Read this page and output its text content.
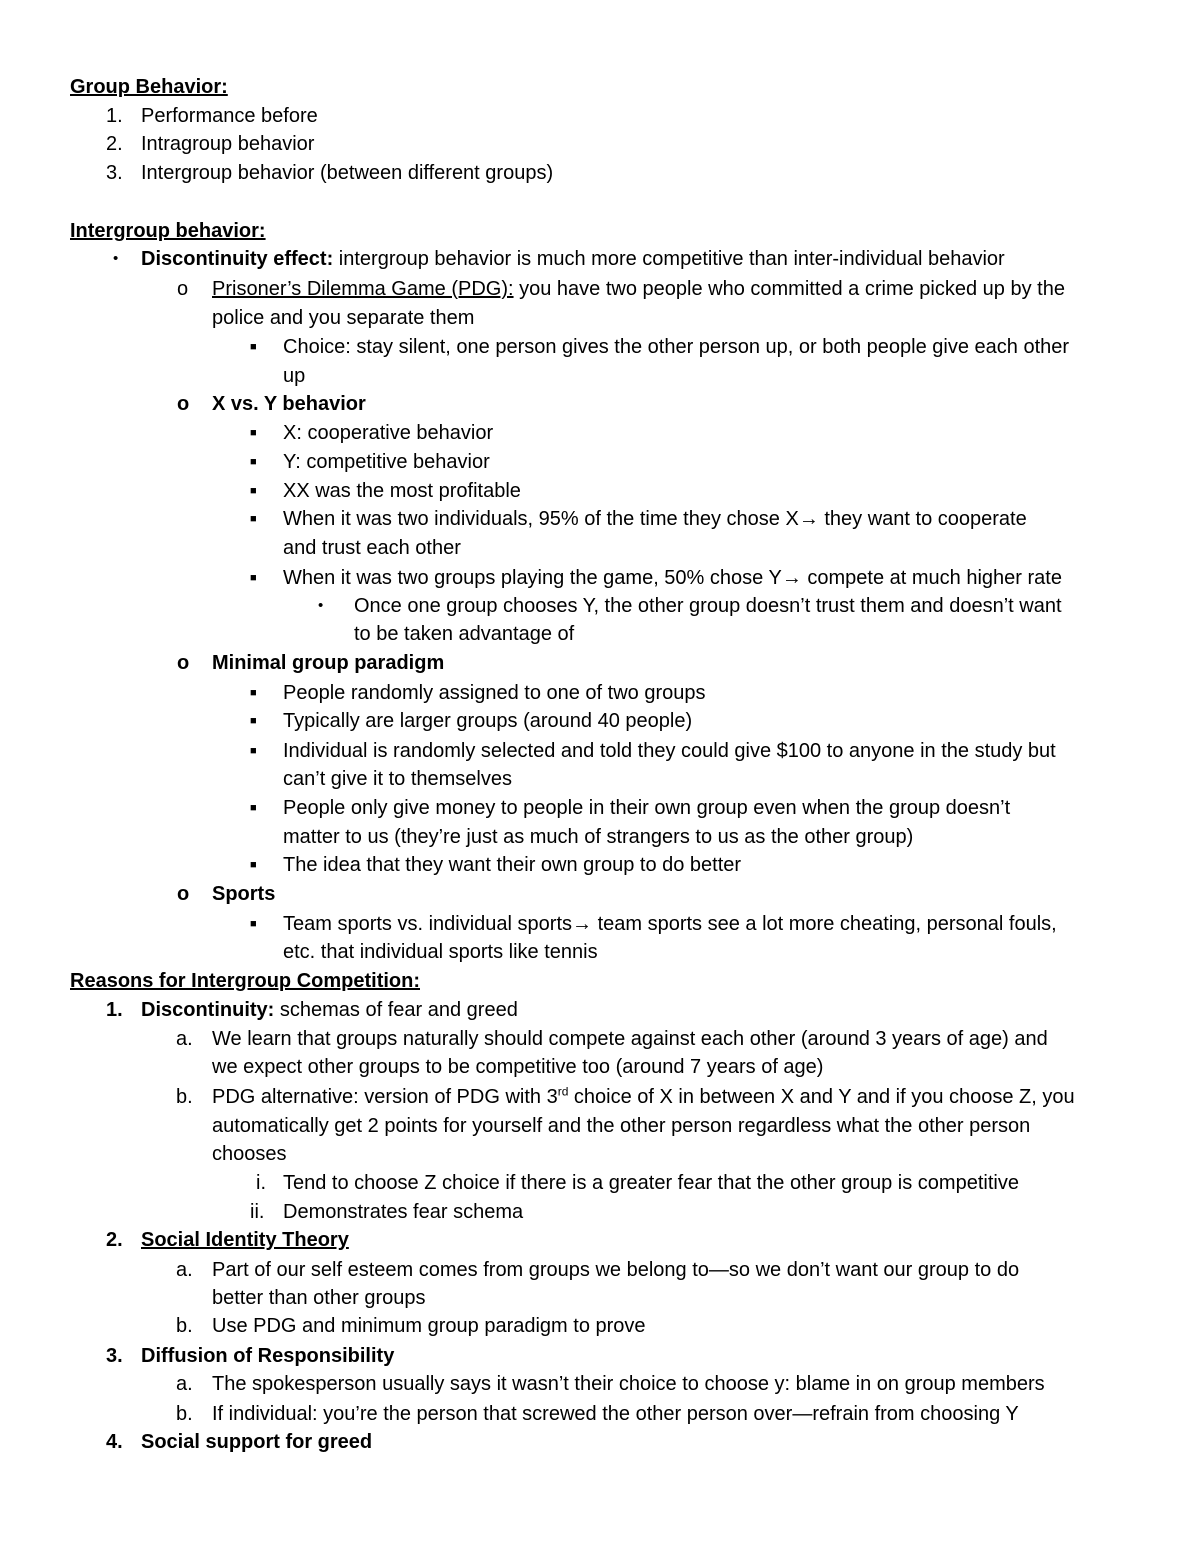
Group Behavior:
1. Performance before
2. Intragroup behavior
3. Intergroup behavior (between different groups)
Intergroup behavior:
• Discontinuity effect: intergroup behavior is much more competitive than inter-individual behavior
o Prisoner’s Dilemma Game (PDG): you have two people who committed a crime picked up by the
police and you separate them
■ Choice: stay silent, one person gives the other person up, or both people give each other
up
o X vs. Y behavior
■ X: cooperative behavior
■ Y: competitive behavior
■ XX was the most profitable
■ When it was two individuals, 95% of the time they chose X→ they want to cooperate
and trust each other
■ When it was two groups playing the game, 50% chose Y→ compete at much higher rate
• Once one group chooses Y, the other group doesn’t trust them and doesn’t want
to be taken advantage of
o Minimal group paradigm
■ People randomly assigned to one of two groups
■ Typically are larger groups (around 40 people)
■ Individual is randomly selected and told they could give $100 to anyone in the study but
can’t give it to themselves
■ People only give money to people in their own group even when the group doesn’t
matter to us (they’re just as much of strangers to us as the other group)
■ The idea that they want their own group to do better
o Sports
■ Team sports vs. individual sports→ team sports see a lot more cheating, personal fouls,
etc. that individual sports like tennis
Reasons for Intergroup Competition:
1. Discontinuity: schemas of fear and greed
a. We learn that groups naturally should compete against each other (around 3 years of age) and
we expect other groups to be competitive too (around 7 years of age)
b. PDG alternative: version of PDG with 3rd choice of X in between X and Y and if you choose Z, you
automatically get 2 points for yourself and the other person regardless what the other person
chooses
i. Tend to choose Z choice if there is a greater fear that the other group is competitive
ii. Demonstrates fear schema
2. Social Identity Theory
a. Part of our self esteem comes from groups we belong to—so we don’t want our group to do
better than other groups
b. Use PDG and minimum group paradigm to prove
3. Diffusion of Responsibility
a. The spokesperson usually says it wasn’t their choice to choose y: blame in on group members
b. If individual: you’re the person that screwed the other person over—refrain from choosing Y
4. Social support for greed
